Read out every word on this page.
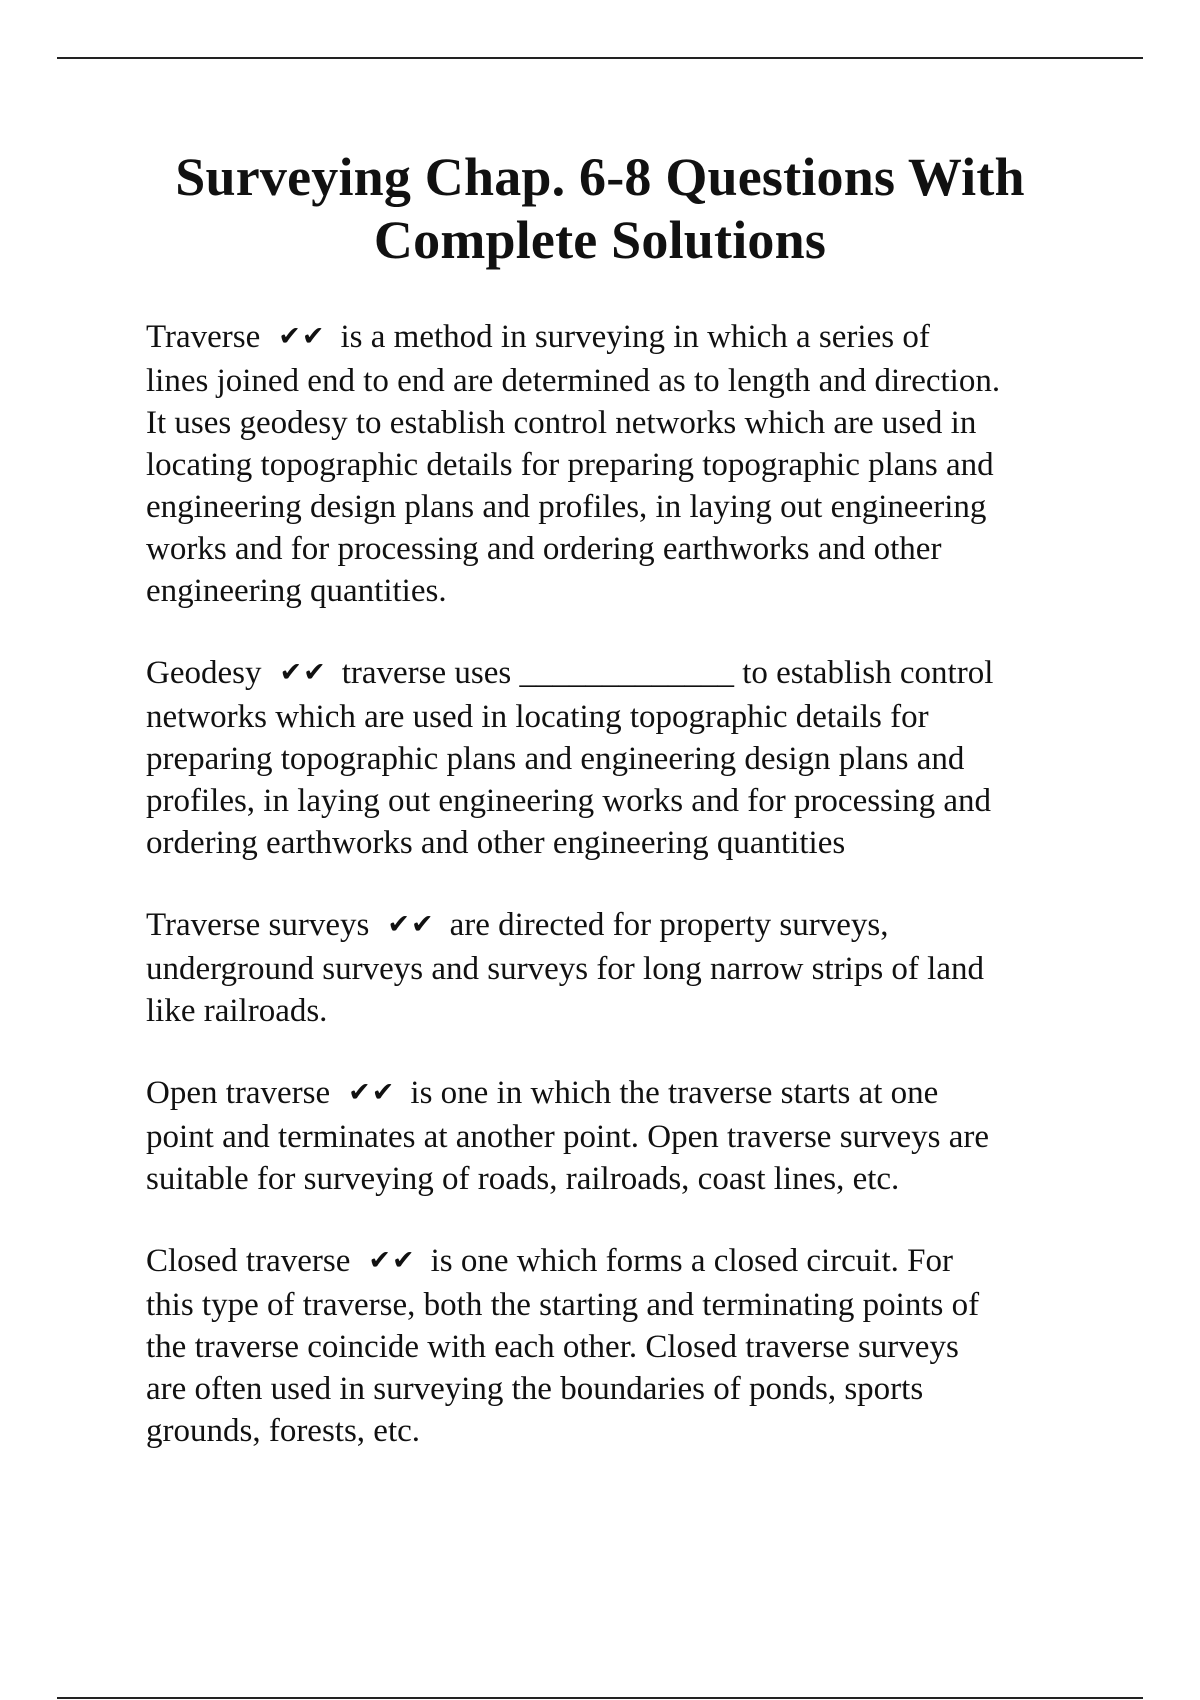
Surveying Chap. 6-8 Questions With
Complete Solutions

Traverse ✔✔ is a method in surveying in which a series of
lines joined end to end are determined as to length and direction.
It uses geodesy to establish control networks which are used in
locating topographic details for preparing topographic plans and
engineering design plans and profiles, in laying out engineering
works and for processing and ordering earthworks and other
engineering quantities.

Geodesy ✔✔ traverse uses _____________ to establish control
networks which are used in locating topographic details for
preparing topographic plans and engineering design plans and
profiles, in laying out engineering works and for processing and
ordering earthworks and other engineering quantities

Traverse surveys ✔✔ are directed for property surveys,
underground surveys and surveys for long narrow strips of land
like railroads.

Open traverse ✔✔ is one in which the traverse starts at one
point and terminates at another point. Open traverse surveys are
suitable for surveying of roads, railroads, coast lines, etc.

Closed traverse ✔✔ is one which forms a closed circuit. For
this type of traverse, both the starting and terminating points of
the traverse coincide with each other. Closed traverse surveys
are often used in surveying the boundaries of ponds, sports
grounds, forests, etc.
